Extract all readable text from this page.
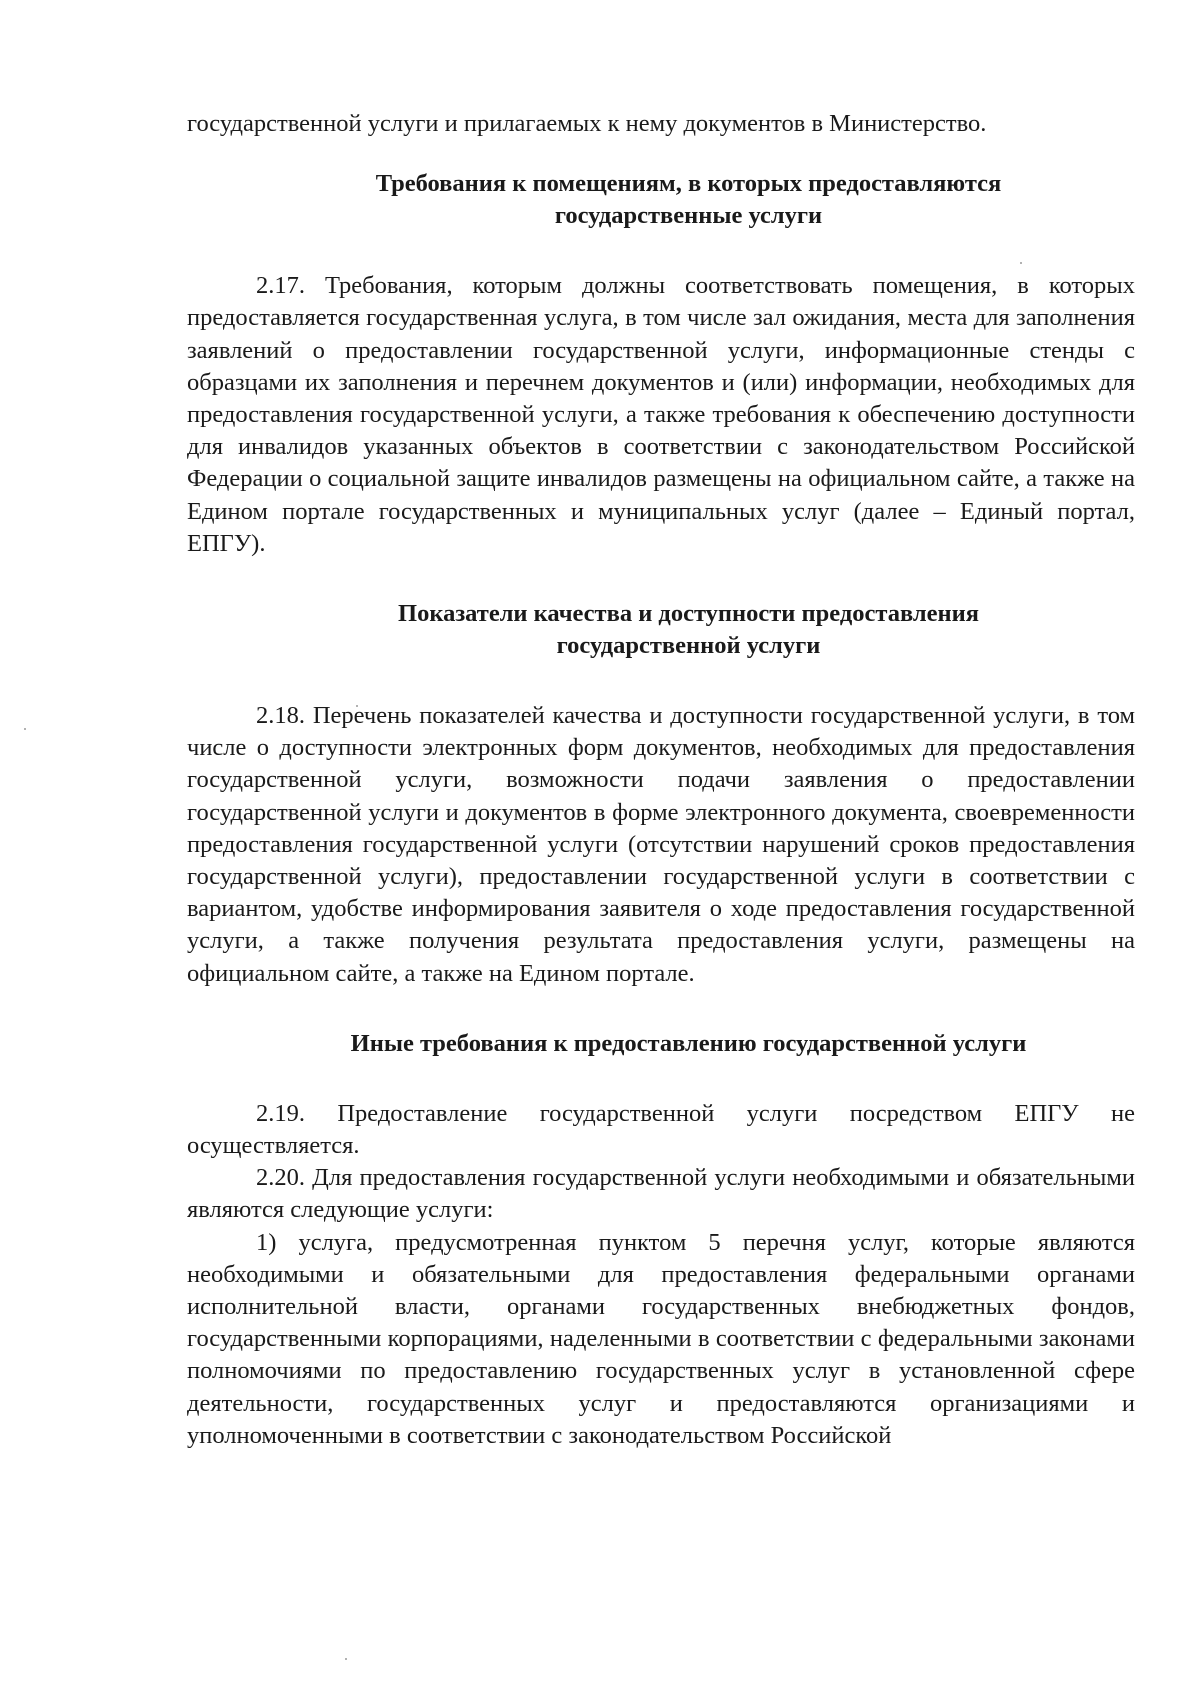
государственной услуги и прилагаемых к нему документов в Министерство.

Требования к помещениям, в которых предоставляются
государственные услуги

2.17. Требования, которым должны соответствовать помещения, в которых предоставляется государственная услуга, в том числе зал ожидания, места для заполнения заявлений о предоставлении государственной услуги, информационные стенды с образцами их заполнения и перечнем документов и (или) информации, необходимых для предоставления государственной услуги, а также требования к обеспечению доступности для инвалидов указанных объектов в соответствии с законодательством Российской Федерации о социальной защите инвалидов размещены на официальном сайте, а также на Едином портале государственных и муниципальных услуг (далее – Единый портал, ЕПГУ).

Показатели качества и доступности предоставления
государственной услуги

2.18. Перечень показателей качества и доступности государственной услуги, в том числе о доступности электронных форм документов, необходимых для предоставления государственной услуги, возможности подачи заявления о предоставлении государственной услуги и документов в форме электронного документа, своевременности предоставления государственной услуги (отсутствии нарушений сроков предоставления государственной услуги), предоставлении государственной услуги в соответствии с вариантом, удобстве информирования заявителя о ходе предоставления государственной услуги, а также получения результата предоставления услуги, размещены на официальном сайте, а также на Едином портале.

Иные требования к предоставлению государственной услуги

2.19. Предоставление государственной услуги посредством ЕПГУ не осуществляется.

2.20. Для предоставления государственной услуги необходимыми и обязательными являются следующие услуги:

1) услуга, предусмотренная пунктом 5 перечня услуг, которые являются необходимыми и обязательными для предоставления федеральными органами исполнительной власти, органами государственных внебюджетных фондов, государственными корпорациями, наделенными в соответствии с федеральными законами полномочиями по предоставлению государственных услуг в установленной сфере деятельности, государственных услуг и предоставляются организациями и уполномоченными в соответствии с законодательством Российской
